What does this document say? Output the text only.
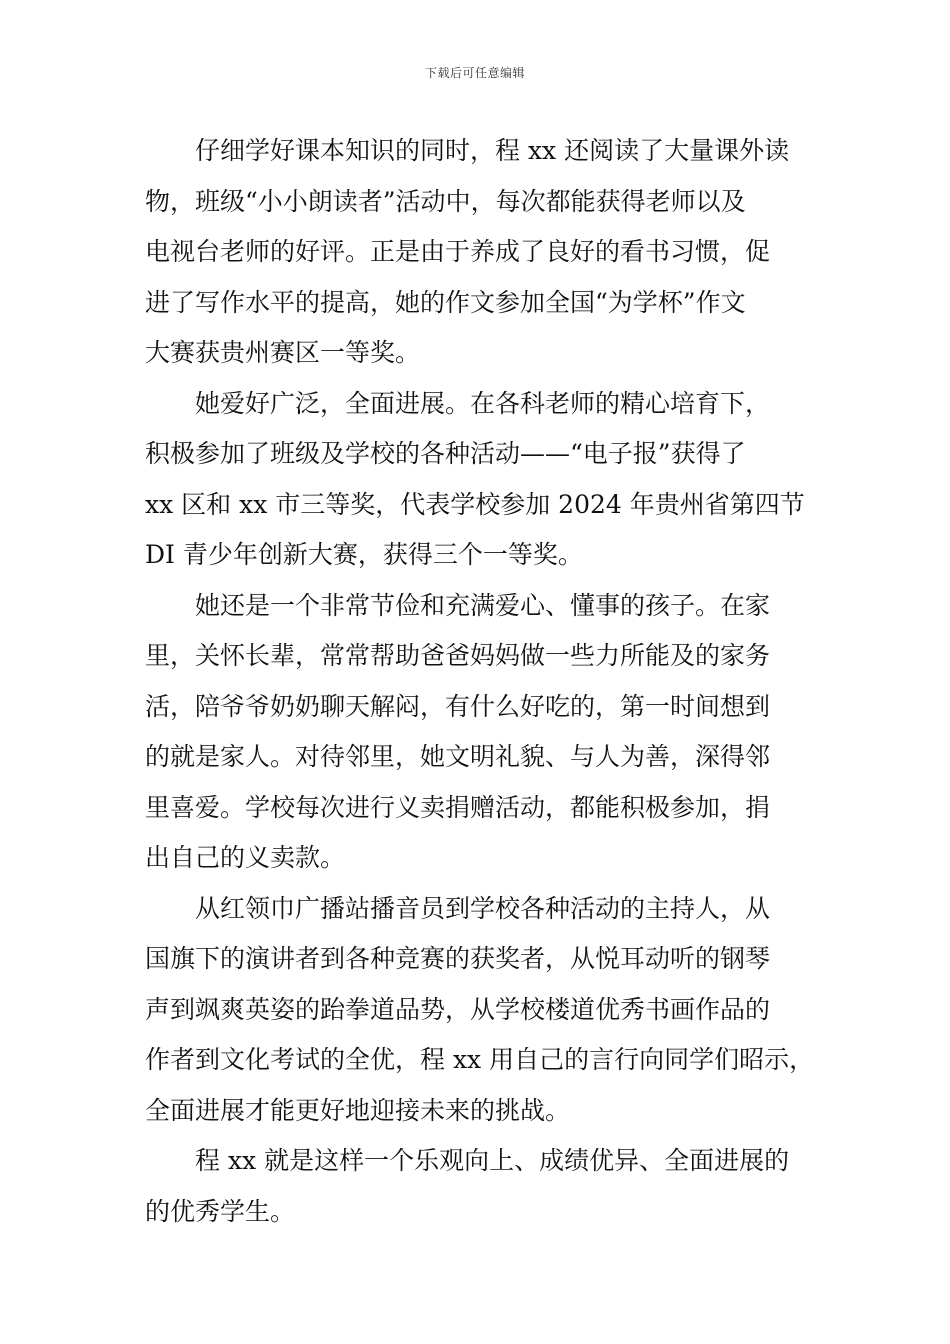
下载后可任意编辑
仔细学好课本知识的同时，程 xx 还阅读了大量课外读
物，班级“小小朗读者”活动中，每次都能获得老师以及
电视台老师的好评。正是由于养成了良好的看书习惯，促
进了写作水平的提高，她的作文参加全国“为学杯”作文
大赛获贵州赛区一等奖。
她爱好广泛，全面进展。在各科老师的精心培育下，
积极参加了班级及学校的各种活动——“电子报”获得了
xx 区和 xx 市三等奖，代表学校参加 2024 年贵州省第四节
DI 青少年创新大赛，获得三个一等奖。
她还是一个非常节俭和充满爱心、懂事的孩子。在家
里，关怀长辈，常常帮助爸爸妈妈做一些力所能及的家务
活，陪爷爷奶奶聊天解闷，有什么好吃的，第一时间想到
的就是家人。对待邻里，她文明礼貌、与人为善，深得邻
里喜爱。学校每次进行义卖捐赠活动，都能积极参加，捐
出自己的义卖款。
从红领巾广播站播音员到学校各种活动的主持人，从
国旗下的演讲者到各种竞赛的获奖者，从悦耳动听的钢琴
声到飒爽英姿的跆拳道品势，从学校楼道优秀书画作品的
作者到文化考试的全优，程 xx 用自己的言行向同学们昭示，
全面进展才能更好地迎接未来的挑战。
程 xx 就是这样一个乐观向上、成绩优异、全面进展的
的优秀学生。
